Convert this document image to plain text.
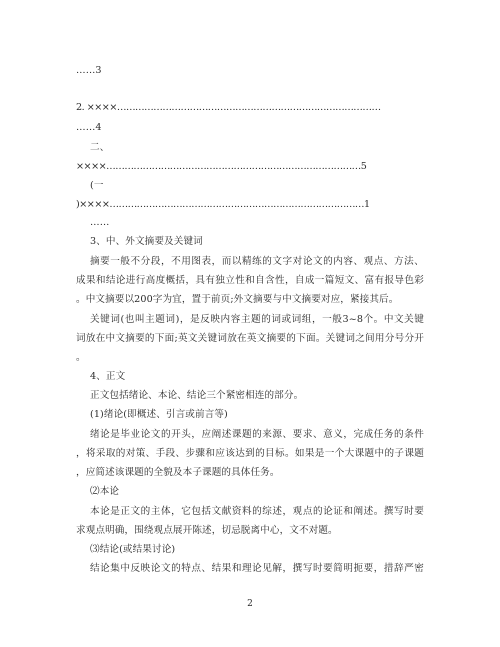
……3
2. ××××……………………………………………………………………………
……4
二、
××××…………………………………………………………………………5
(一
)××××…………………………………………………………………………1
……
3、中、外文摘要及关键词
摘要一般不分段，不用图表，而以精练的文字对论文的内容、观点、方法、
成果和结论进行高度概括，具有独立性和自含性，自成一篇短文、富有报导色彩
。中文摘要以200字为宜，置于前页;外文摘要与中文摘要对应，紧接其后。
关键词(也叫主题词)，是反映内容主题的词或词组，一般3~8个。中文关键
词放在中文摘要的下面;英文关键词放在英文摘要的下面。关键词之间用分号分开
。
4、正文
正文包括绪论、本论、结论三个紧密相连的部分。
(1)绪论(即概述、引言或前言等)
绪论是毕业论文的开头，应阐述课题的来源、要求、意义，完成任务的条件
，将采取的对策、手段、步骤和应该达到的目标。如果是一个大课题中的子课题
，应简述该课题的全貌及本子课题的具体任务。
⑵本论
本论是正文的主体，它包括文献资料的综述，观点的论证和阐述。撰写时要
求观点明确，围绕观点展开陈述，切忌脱离中心，文不对题。
⑶结论(或结果讨论)
结论集中反映论文的特点、结果和理论见解，撰写时要简明扼要，措辞严密
2
